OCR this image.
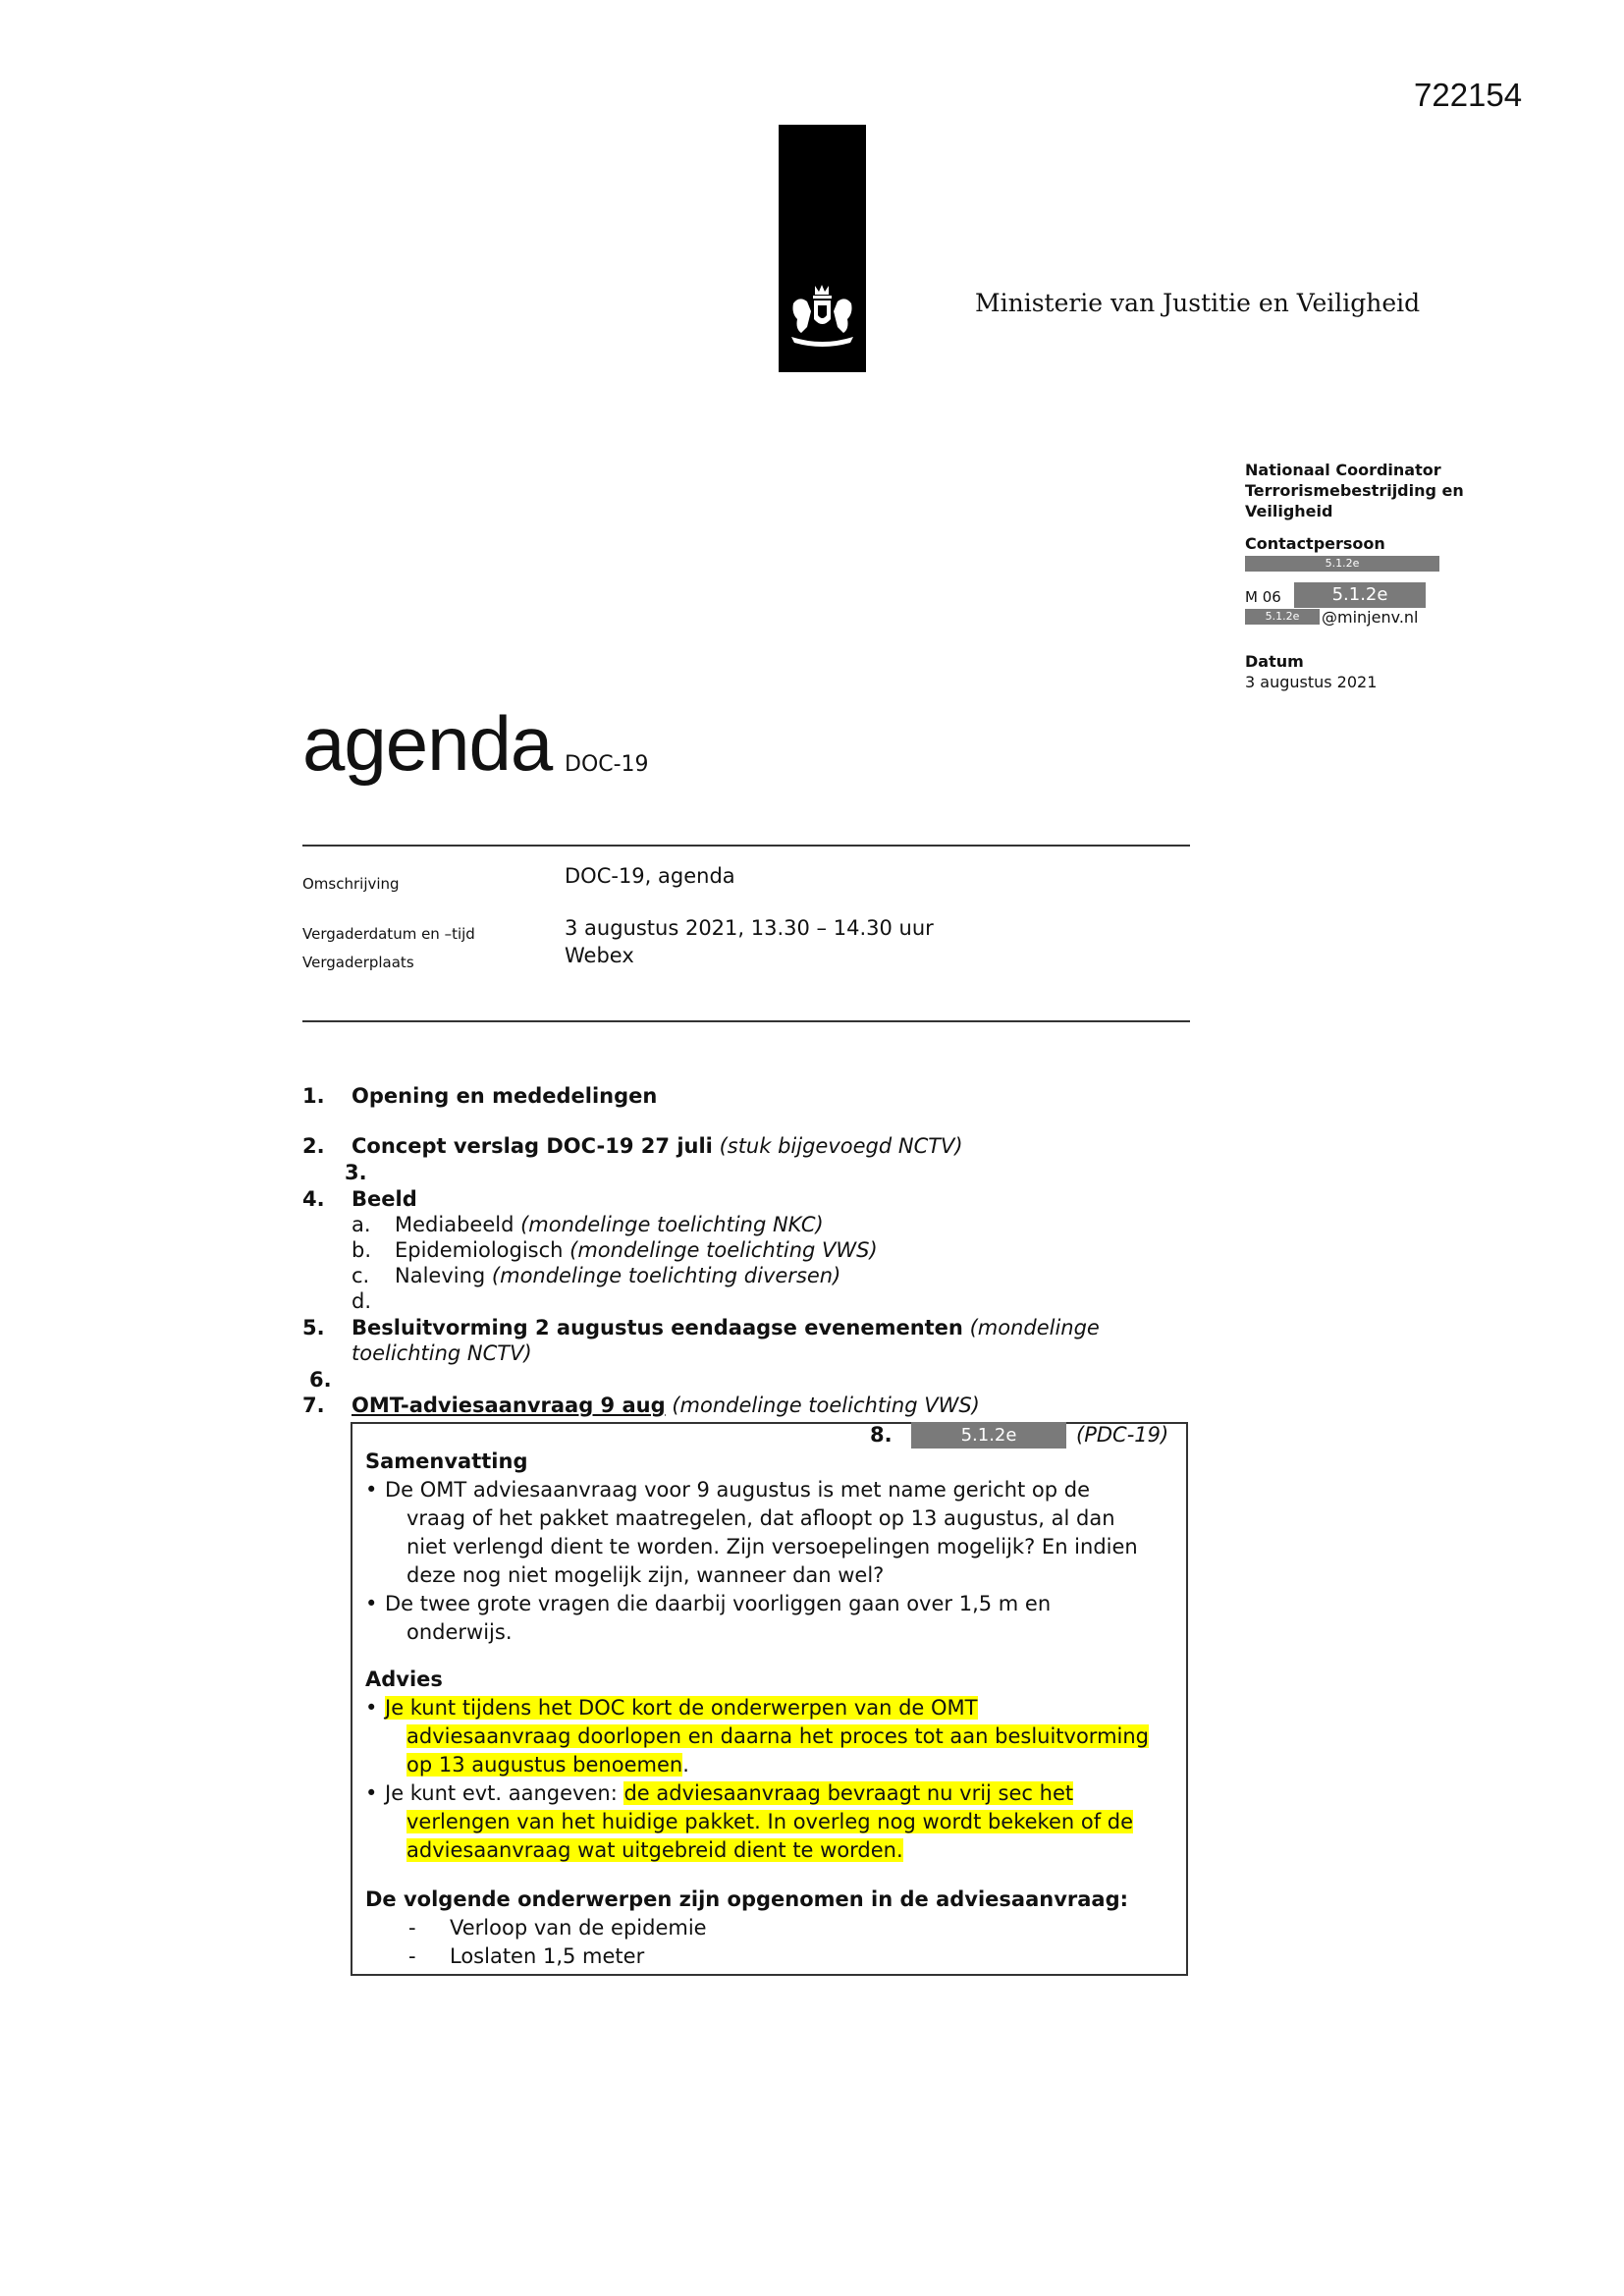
722154
Ministerie van Justitie en Veiligheid
Nationaal Coordinator
Terrorismebestrijding en
Veiligheid
Contactpersoon
5.1.2e
M 06	5.1.2e
5.1.2e	@minjenv.nl
Datum
3 augustus 2021
agenda DOC-19
Omschrijving	DOC-19, agenda
Vergaderdatum en –tijd	3 augustus 2021, 13.30 – 14.30 uur
Vergaderplaats	Webex
1. Opening en mededelingen
2. Concept verslag DOC-19 27 juli (stuk bijgevoegd NCTV)
3.
4. Beeld
a. Mediabeeld (mondelinge toelichting NKC)
b. Epidemiologisch (mondelinge toelichting VWS)
c. Naleving (mondelinge toelichting diversen)
d.
5. Besluitvorming 2 augustus eendaagse evenementen (mondelinge
toelichting NCTV)
6.
7. OMT-adviesaanvraag 9 aug (mondelinge toelichting VWS)
8.	5.1.2e	(PDC-19)
Samenvatting
• De OMT adviesaanvraag voor 9 augustus is met name gericht op de
vraag of het pakket maatregelen, dat afloopt op 13 augustus, al dan
niet verlengd dient te worden. Zijn versoepelingen mogelijk? En indien
deze nog niet mogelijk zijn, wanneer dan wel?
• De twee grote vragen die daarbij voorliggen gaan over 1,5 m en
onderwijs.
Advies
• Je kunt tijdens het DOC kort de onderwerpen van de OMT
adviesaanvraag doorlopen en daarna het proces tot aan besluitvorming
op 13 augustus benoemen.
• Je kunt evt. aangeven: de adviesaanvraag bevraagt nu vrij sec het
verlengen van het huidige pakket. In overleg nog wordt bekeken of de
adviesaanvraag wat uitgebreid dient te worden.
De volgende onderwerpen zijn opgenomen in de adviesaanvraag:
- Verloop van de epidemie
- Loslaten 1,5 meter
